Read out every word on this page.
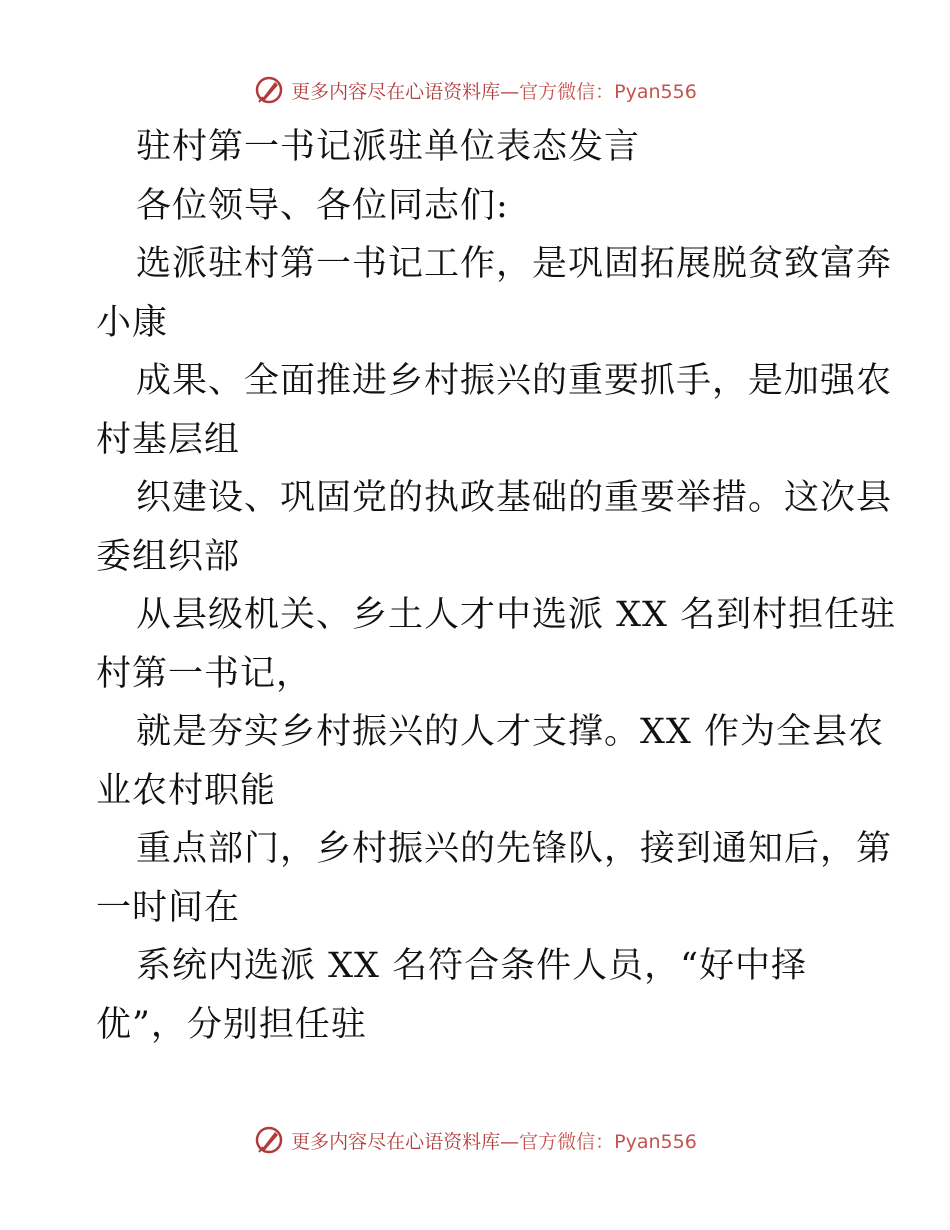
更多内容尽在心语资料库—官方微信：Pyan556
驻村第一书记派驻单位表态发言
各位领导、各位同志们:
选派驻村第一书记工作，是巩固拓展脱贫致富奔
小康
成果、全面推进乡村振兴的重要抓手，是加强农
村基层组
织建设、巩固党的执政基础的重要举措。这次县
委组织部
从县级机关、乡土人才中选派 XX 名到村担任驻
村第一书记，
就是夯实乡村振兴的人才支撑。XX 作为全县农
业农村职能
重点部门，乡村振兴的先锋队，接到通知后，第
一时间在
系统内选派 XX 名符合条件人员，“好中择
优”，分别担任驻
更多内容尽在心语资料库—官方微信：Pyan556
